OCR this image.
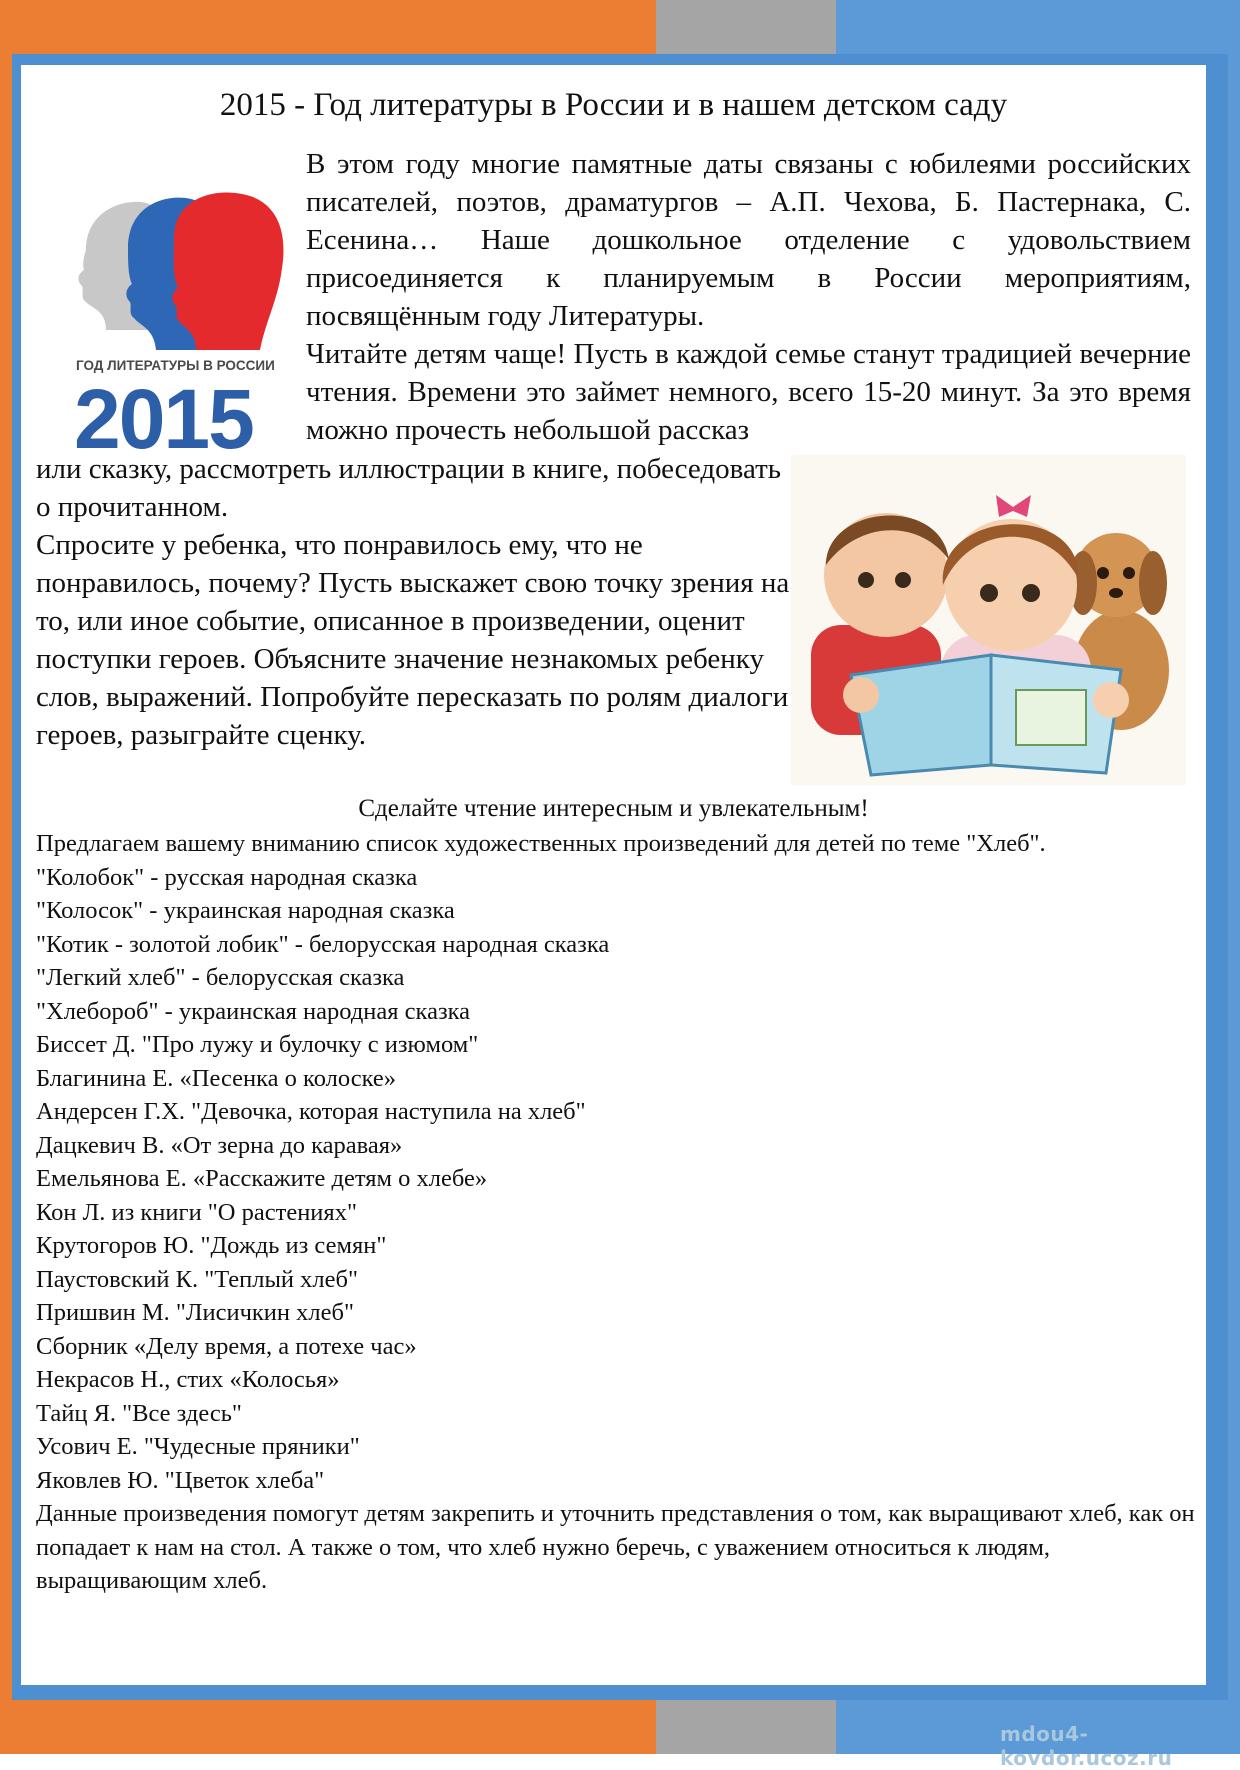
2015 - Год литературы в России и в нашем детском саду
ГОД ЛИТЕРАТУРЫ В РОССИИ
2015

В этом году многие памятные даты связаны с юбилеями российских писателей, поэтов, драматургов – А.П. Чехова, Б. Пастернака, С. Есенина… Наше дошкольное отделение с удовольствием присоединяется к планируемым в России мероприятиям, посвящённым году Литературы.

Читайте детям чаще! Пусть в каждой семье станут традицией вечерние чтения. Времени это займет немного, всего 15-20 минут. За это время можно прочесть небольшой рассказ

или сказку, рассмотреть иллюстрации в книге, побеседовать о прочитанном.

Спросите у ребенка, что понравилось ему, что не понравилось, почему? Пусть выскажет свою точку зрения на то, или иное событие, описанное в произведении, оценит поступки героев. Объясните значение незнакомых ребенку слов, выражений. Попробуйте пересказать по ролям диалоги героев, разыграйте сценку.

Сделайте чтение интересным и увлекательным!

Предлагаем вашему вниманию список художественных произведений для детей по теме "Хлеб".

"Колобок" - русская народная сказка

"Колосок" - украинская народная сказка

"Котик - золотой лобик" - белорусская народная сказка

"Легкий хлеб" - белорусская сказка

"Хлебороб" - украинская народная сказка

Биссет Д. "Про лужу и булочку с изюмом"

Благинина Е. «Песенка о колоске»

Андерсен Г.Х. "Девочка, которая наступила на хлеб"

Дацкевич В. «От зерна до каравая»

Емельянова Е. «Расскажите детям о хлебе»

Кон Л. из книги "О растениях"

Крутогоров Ю. "Дождь из семян"

Паустовский К. "Теплый хлеб"

Пришвин М. "Лисичкин хлеб"

Сборник «Делу время, а потехе час»

Некрасов Н., стих «Колосья»

Тайц Я. "Все здесь"

Усович Е. "Чудесные пряники"

Яковлев Ю. "Цветок хлеба"

Данные произведения помогут детям закрепить и уточнить представления о том, как выращивают хлеб, как он попадает к нам на стол. А также о том, что хлеб нужно беречь, с уважением относиться к людям, выращивающим хлеб.

mdou4-kovdor.ucoz.ru
